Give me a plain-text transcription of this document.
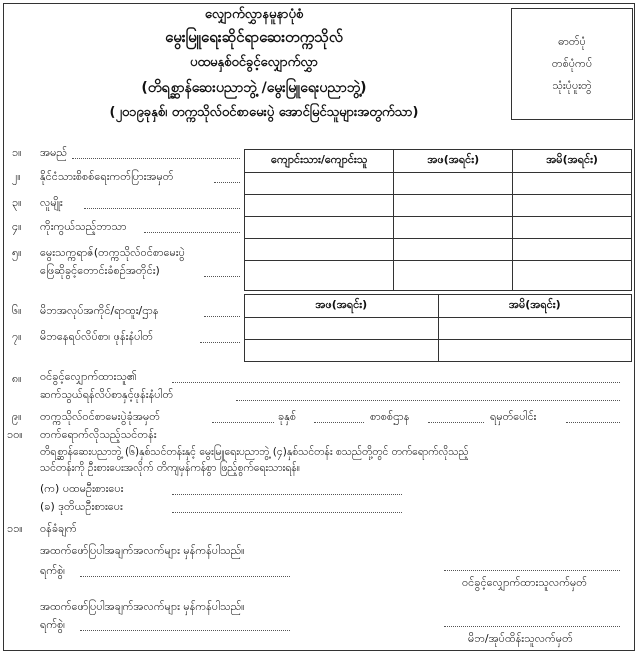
လျှောက်လွှာနမူနာပုံစံ
မွေးမြူရေးဆိုင်ရာဆေးတက္ကသိုလ်
ပထမနှစ်ဝင်ခွင့်လျှောက်လွှာ
(တိရစ္ဆာန်ဆေးပညာဘွဲ့ /မွေးမြူရေးပညာဘွဲ့)
(၂၀၁၉ခုနှစ်၊ တက္ကသိုလ်ဝင်စာမေးပွဲ အောင်မြင်သူများအတွက်သာ)
ဓာတ်ပုံ
တစ်ပုံကပ်
သုံးပုံပူးတွဲ
၁။ အမည်
၂။ နိုင်ငံသားစိစစ်ရေးကတ်ပြားအမှတ်
၃။ လူမျိုး
၄။ ကိုးကွယ်သည့်ဘာသာ
၅။ မွေးသက္ကရာဇ်(တက္ကသိုလ်ဝင်စာမေးပွဲ
ဖြေဆိုခွင့်တောင်းခံစဉ်အတိုင်း)
ကျောင်းသား/ကျောင်းသူ	အဖ(အရင်း)	အမိ(အရင်း)

၆။ မိဘအလုပ်အကိုင်/ရာထူး/ဌာန
၇။ မိဘနေရပ်လိပ်စာ၊ ဖုန်းနံပါတ်
အဖ(အရင်း)	အမိ(အရင်း)

၈။ ဝင်ခွင့်လျှောက်ထားသူ၏
ဆက်သွယ်ရန်လိပ်စာနှင့်ဖုန်းနံပါတ်
၉။ တက္ကသိုလ်ဝင်စာမေးပွဲခုံအမှတ်	ခုနှစ်	စာစစ်ဌာန	ရမှတ်ပေါင်း
၁၀။ တက်ရောက်လိုသည့်သင်တန်း
တိရစ္ဆာန်ဆေးပညာဘွဲ့ (၆)နှစ်သင်တန်းနှင့် မွေးမြူရေးပညာဘွဲ့ (၄)နှစ်သင်တန်း စသည်တို့တွင် တက်ရောက်လိုသည့်
သင်တန်းကို ဦးစားပေးအလိုက် တိကျမှန်ကန်စွာ ဖြည့်စွက်ရေးသားရန်။
(က) ပထမဦးစားပေး
(ခ) ဒုတိယဦးစားပေး
၁၁။ ဝန်ခံချက်
အထက်ဖော်ပြပါအချက်အလက်များ မှန်ကန်ပါသည်။
ရက်စွဲ၊
ဝင်ခွင့်လျှောက်ထားသူလက်မှတ်
အထက်ဖော်ပြပါအချက်အလက်များ မှန်ကန်ပါသည်။
ရက်စွဲ၊
မိဘ/အုပ်ထိန်းသူလက်မှတ်
